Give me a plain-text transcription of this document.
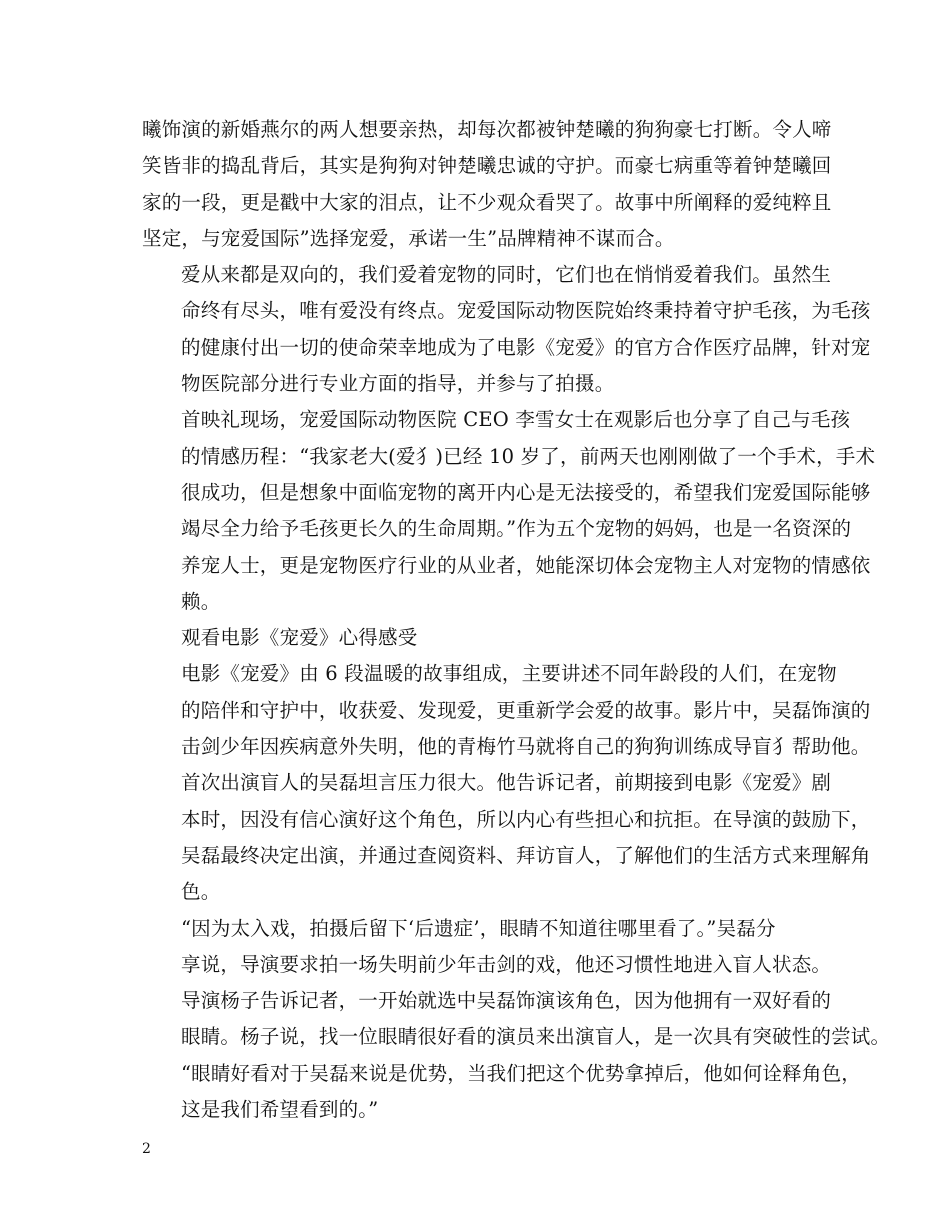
曦饰演的新婚燕尔的两人想要亲热，却每次都被钟楚曦的狗狗豪七打断。令人啼
笑皆非的捣乱背后，其实是狗狗对钟楚曦忠诚的守护。而豪七病重等着钟楚曦回
家的一段，更是戳中大家的泪点，让不少观众看哭了。故事中所阐释的爱纯粹且
坚定，与宠爱国际”选择宠爱，承诺一生”品牌精神不谋而合。

爱从来都是双向的，我们爱着宠物的同时，它们也在悄悄爱着我们。虽然生
命终有尽头，唯有爱没有终点。宠爱国际动物医院始终秉持着守护毛孩，为毛孩
的健康付出一切的使命荣幸地成为了电影《宠爱》的官方合作医疗品牌，针对宠
物医院部分进行专业方面的指导，并参与了拍摄。

首映礼现场，宠爱国际动物医院 CEO 李雪女士在观影后也分享了自己与毛孩
的情感历程：“我家老大(爱犭)已经 10 岁了，前两天也刚刚做了一个手术，手术
很成功，但是想象中面临宠物的离开内心是无法接受的，希望我们宠爱国际能够
竭尽全力给予毛孩更长久的生命周期。”作为五个宠物的妈妈，也是一名资深的
养宠人士，更是宠物医疗行业的从业者，她能深切体会宠物主人对宠物的情感依
赖。

观看电影《宠爱》心得感受

电影《宠爱》由 6 段温暖的故事组成，主要讲述不同年龄段的人们，在宠物
的陪伴和守护中，收获爱、发现爱，更重新学会爱的故事。影片中，吴磊饰演的
击剑少年因疾病意外失明，他的青梅竹马就将自己的狗狗训练成导盲犭帮助他。

首次出演盲人的吴磊坦言压力很大。他告诉记者，前期接到电影《宠爱》剧
本时，因没有信心演好这个角色，所以内心有些担心和抗拒。在导演的鼓励下，
吴磊最终决定出演，并通过查阅资料、拜访盲人，了解他们的生活方式来理解角
色。

“因为太入戏，拍摄后留下‘后遗症’，眼睛不知道往哪里看了。”吴磊分
享说，导演要求拍一场失明前少年击剑的戏，他还习惯性地进入盲人状态。

导演杨子告诉记者，一开始就选中吴磊饰演该角色，因为他拥有一双好看的
眼睛。杨子说，找一位眼睛很好看的演员来出演盲人，是一次具有突破性的尝试。
“眼睛好看对于吴磊来说是优势，当我们把这个优势拿掉后，他如何诠释角色，
这是我们希望看到的。”

2
